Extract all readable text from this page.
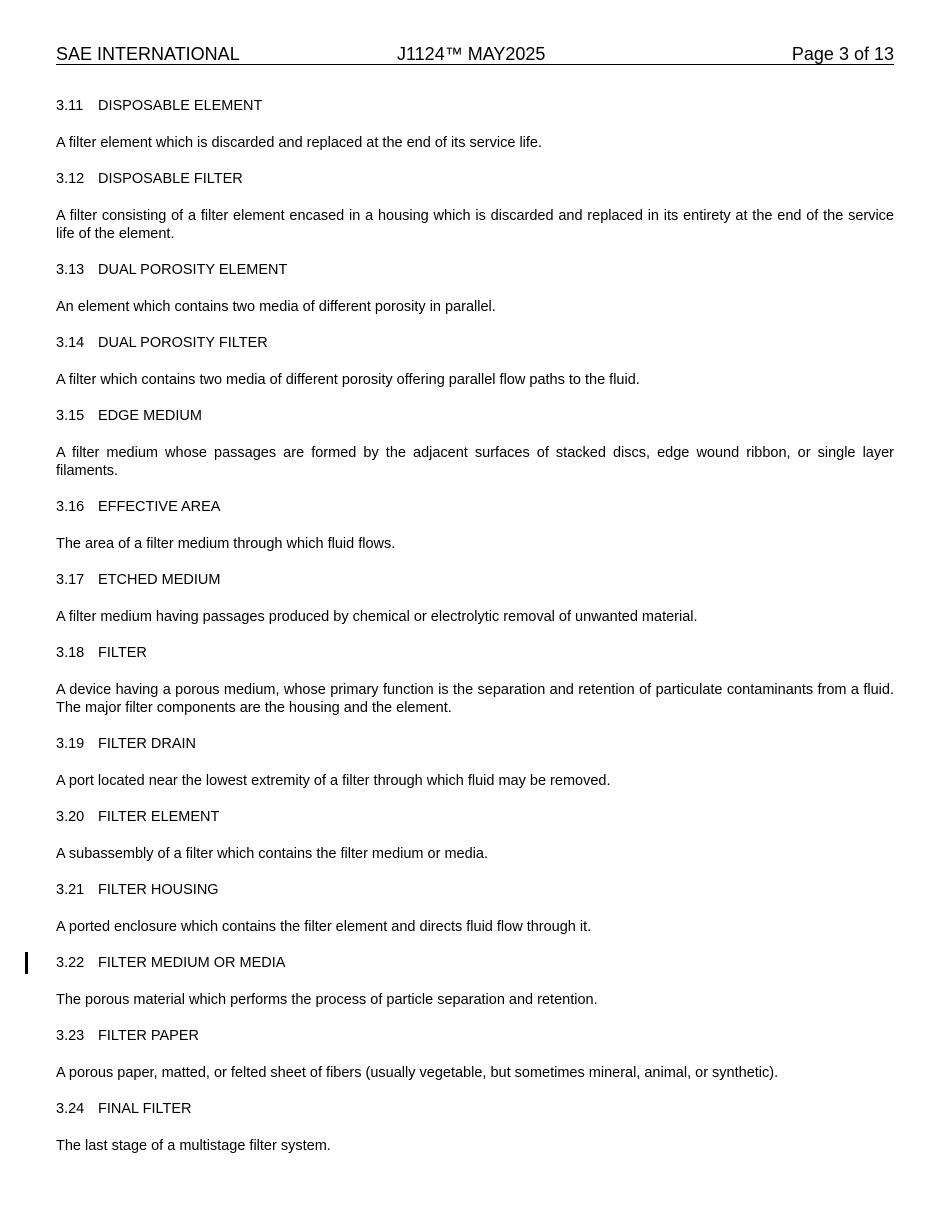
SAE INTERNATIONAL	J1124™ MAY2025	Page 3 of 13

3.11 DISPOSABLE ELEMENT

A filter element which is discarded and replaced at the end of its service life.

3.12 DISPOSABLE FILTER

A filter consisting of a filter element encased in a housing which is discarded and replaced in its entirety at the end of the service life of the element.

3.13 DUAL POROSITY ELEMENT

An element which contains two media of different porosity in parallel.

3.14 DUAL POROSITY FILTER

A filter which contains two media of different porosity offering parallel flow paths to the fluid.

3.15 EDGE MEDIUM

A filter medium whose passages are formed by the adjacent surfaces of stacked discs, edge wound ribbon, or single layer filaments.

3.16 EFFECTIVE AREA

The area of a filter medium through which fluid flows.

3.17 ETCHED MEDIUM

A filter medium having passages produced by chemical or electrolytic removal of unwanted material.

3.18 FILTER

A device having a porous medium, whose primary function is the separation and retention of particulate contaminants from a fluid. The major filter components are the housing and the element.

3.19 FILTER DRAIN

A port located near the lowest extremity of a filter through which fluid may be removed.

3.20 FILTER ELEMENT

A subassembly of a filter which contains the filter medium or media.

3.21 FILTER HOUSING

A ported enclosure which contains the filter element and directs fluid flow through it.

3.22 FILTER MEDIUM OR MEDIA

The porous material which performs the process of particle separation and retention.

3.23 FILTER PAPER

A porous paper, matted, or felted sheet of fibers (usually vegetable, but sometimes mineral, animal, or synthetic).

3.24 FINAL FILTER

The last stage of a multistage filter system.
